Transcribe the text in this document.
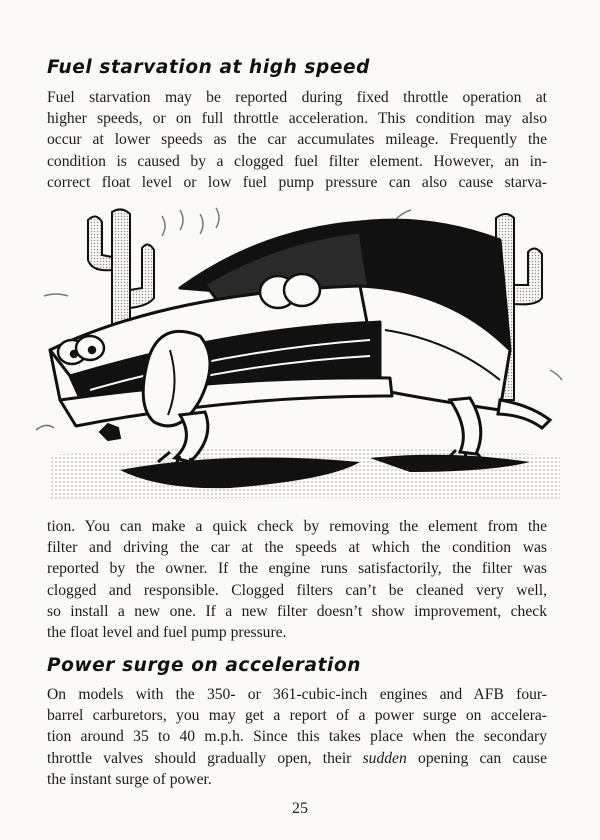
Fuel starvation at high speed

Fuel starvation may be reported during fixed throttle operation at
higher speeds, or on full throttle acceleration. This condition may also
occur at lower speeds as the car accumulates mileage. Frequently the
condition is caused by a clogged fuel filter element. However, an in-
correct float level or low fuel pump pressure can also cause starva-

tion. You can make a quick check by removing the element from the
filter and driving the car at the speeds at which the condition was
reported by the owner. If the engine runs satisfactorily, the filter was
clogged and responsible. Clogged filters can’t be cleaned very well,
so install a new one. If a new filter doesn’t show improvement, check
the float level and fuel pump pressure.

Power surge on acceleration

On models with the 350- or 361-cubic-inch engines and AFB four-
barrel carburetors, you may get a report of a power surge on accelera-
tion around 35 to 40 m.p.h. Since this takes place when the secondary
throttle valves should gradually open, their sudden opening can cause
the instant surge of power.

25
